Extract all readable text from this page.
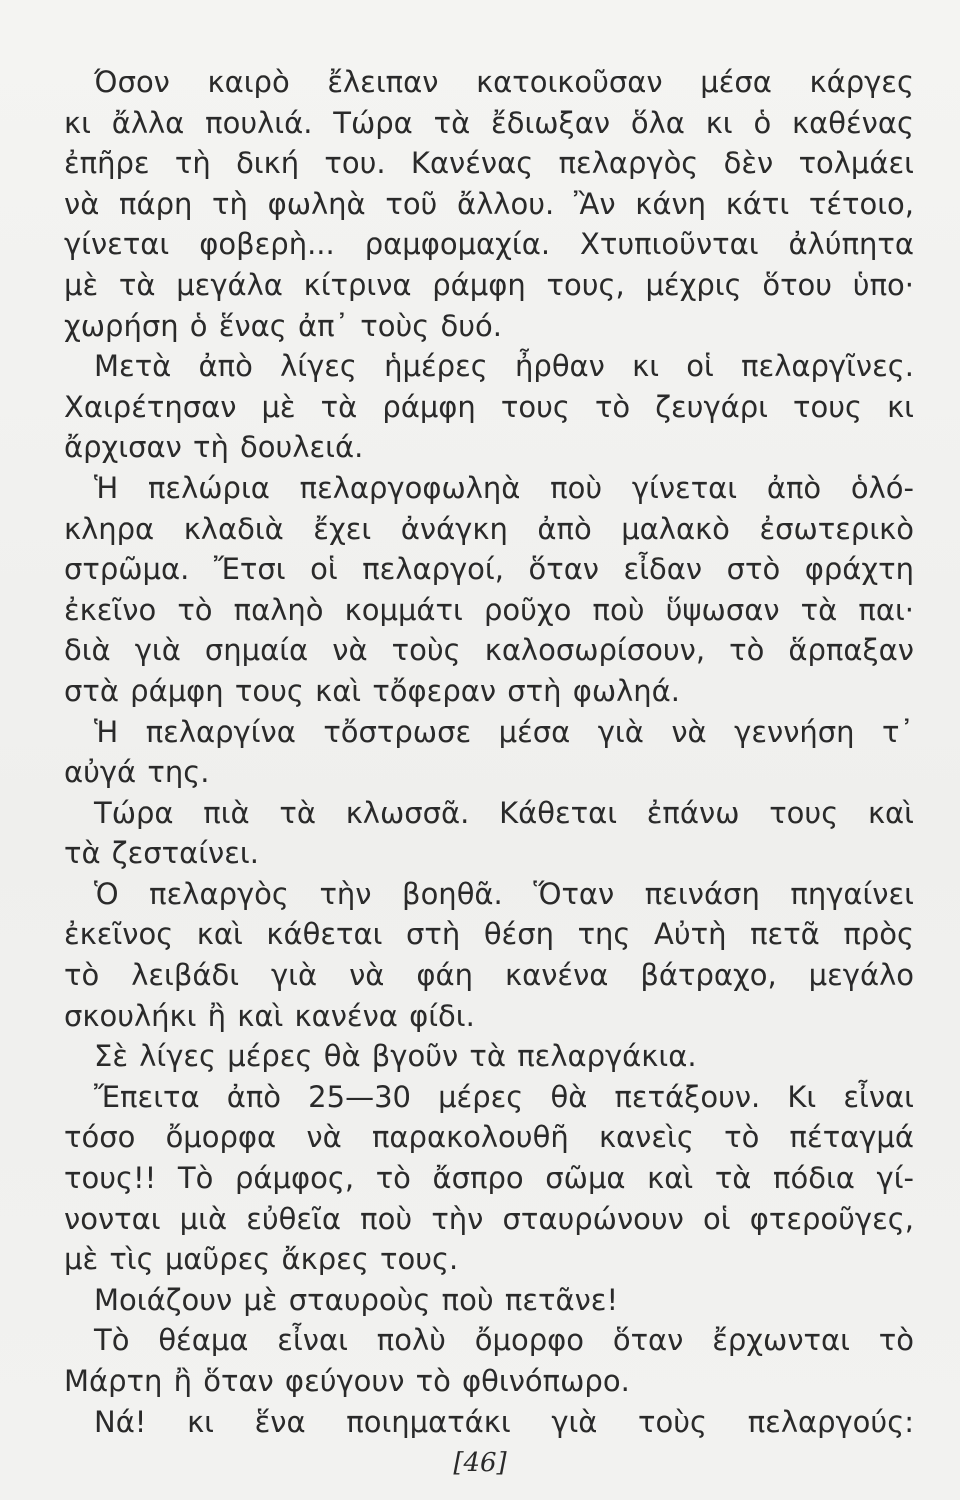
Όσον καιρὸ ἔλειπαν κατοικοῦσαν μέσα κάργες
κι ἄλλα πουλιά. Τώρα τὰ ἔδιωξαν ὅλα κι ὁ καθένας
ἐπῆρε τὴ δική του. Κανένας πελαργὸς δὲν τολμάει
νὰ πάρη τὴ φωληὰ τοῦ ἄλλου. Ἂν κάνη κάτι τέτοιο,
γίνεται φοβερὴ... ραμφομαχία. Χτυπιοῦνται ἀλύπητα
μὲ τὰ μεγάλα κίτρινα ράμφη τους, μέχρις ὅτου ὑπο·
χωρήση ὁ ἕνας ἀπ᾿ τοὺς δυό.
Μετὰ ἀπὸ λίγες ἡμέρες ἦρθαν κι οἱ πελαργῖνες.
Χαιρέτησαν μὲ τὰ ράμφη τους τὸ ζευγάρι τους κι
ἄρχισαν τὴ δουλειά.
Ἡ πελώρια πελαργοφωληὰ ποὺ γίνεται ἀπὸ ὁλό-
κληρα κλαδιὰ ἔχει ἀνάγκη ἀπὸ μαλακὸ ἐσωτερικὸ
στρῶμα. Ἔτσι οἱ πελαργοί, ὅταν εἶδαν στὸ φράχτη
ἐκεῖνο τὸ παληὸ κομμάτι ροῦχο ποὺ ὕψωσαν τὰ παι·
διὰ γιὰ σημαία νὰ τοὺς καλοσωρίσουν, τὸ ἅρπαξαν
στὰ ράμφη τους καὶ τὄφεραν στὴ φωληά.
Ἡ πελαργίνα τὄστρωσε μέσα γιὰ νὰ γεννήση τ᾿
αὐγά της.
Τώρα πιὰ τὰ κλωσσᾶ. Κάθεται ἐπάνω τους καὶ
τὰ ζεσταίνει.
Ὁ πελαργὸς τὴν βοηθᾶ. Ὅταν πεινάση πηγαίνει
ἐκεῖνος καὶ κάθεται στὴ θέση της Αὐτὴ πετᾶ πρὸς
τὸ λειβάδι γιὰ νὰ φάη κανένα βάτραχο, μεγάλο
σκουλήκι ἢ καὶ κανένα φίδι.
Σὲ λίγες μέρες θὰ βγοῦν τὰ πελαργάκια.
Ἔπειτα ἀπὸ 25—30 μέρες θὰ πετάξουν. Κι εἶναι
τόσο ὄμορφα νὰ παρακολουθῆ κανεὶς τὸ πέταγμά
τους!! Τὸ ράμφος, τὸ ἄσπρο σῶμα καὶ τὰ πόδια γί-
νονται μιὰ εὐθεῖα ποὺ τὴν σταυρώνουν οἱ φτεροῦγες,
μὲ τὶς μαῦρες ἄκρες τους.
Μοιάζουν μὲ σταυροὺς ποὺ πετᾶνε!
Τὸ θέαμα εἶναι πολὺ ὄμορφο ὅταν ἔρχωνται τὸ
Μάρτη ἢ ὅταν φεύγουν τὸ φθινόπωρο.
Νά! κι ἕνα ποιηματάκι γιὰ τοὺς πελαργούς:
[46]
